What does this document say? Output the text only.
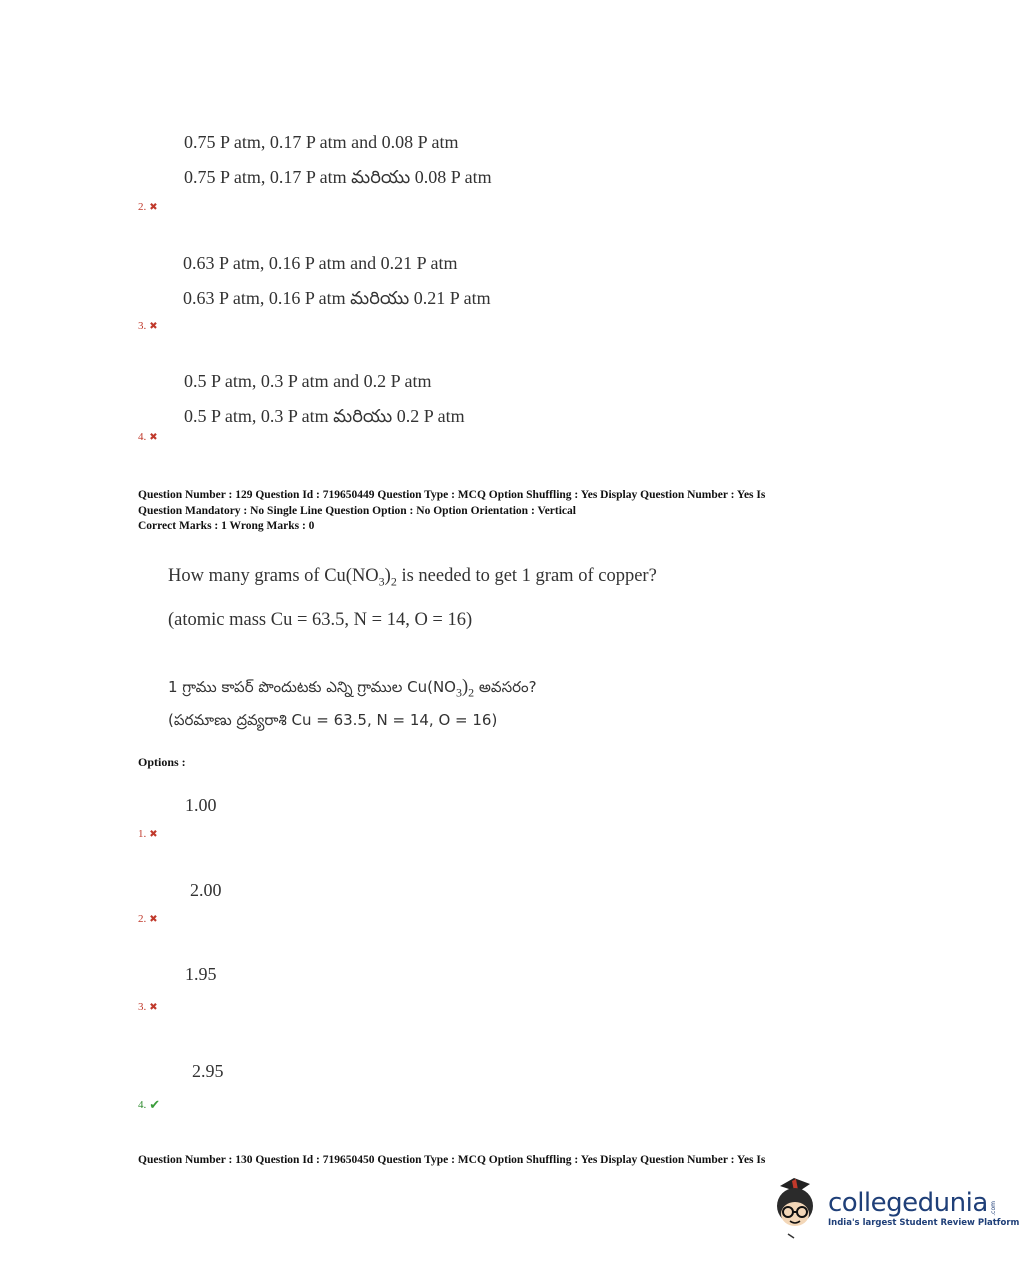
0.75 P atm, 0.17 P atm and 0.08 P atm
0.75 P atm, 0.17 P atm మరియు 0.08 P atm
2. ✖
0.63 P atm, 0.16 P atm and 0.21 P atm
0.63 P atm, 0.16 P atm మరియు 0.21 P atm
3. ✖
0.5 P atm, 0.3 P atm and 0.2 P atm
0.5 P atm, 0.3 P atm మరియు 0.2 P atm
4. ✖
Question Number : 129 Question Id : 719650449 Question Type : MCQ Option Shuffling : Yes Display Question Number : Yes Is
Question Mandatory : No Single Line Question Option : No Option Orientation : Vertical
Correct Marks : 1 Wrong Marks : 0
How many grams of $Cu(NO_3)_2$ is needed to get 1 gram of copper?
(atomic mass Cu = 63.5, N = 14, O = 16)
1 గ్రాము కాపర్ పొందుటకు ఎన్ని గ్రాముల $Cu(NO_3)_2$ అవసరం?
(పరమాణు ద్రవ్యరాశి Cu = 63.5, N = 14, O = 16)
Options :
1.00
1. ✖
2.00
2. ✖
1.95
3. ✖
2.95
4. ✔
Question Number : 130 Question Id : 719650450 Question Type : MCQ Option Shuffling : Yes Display Question Number : Yes Is
collegedunia .com
India's largest Student Review Platform
